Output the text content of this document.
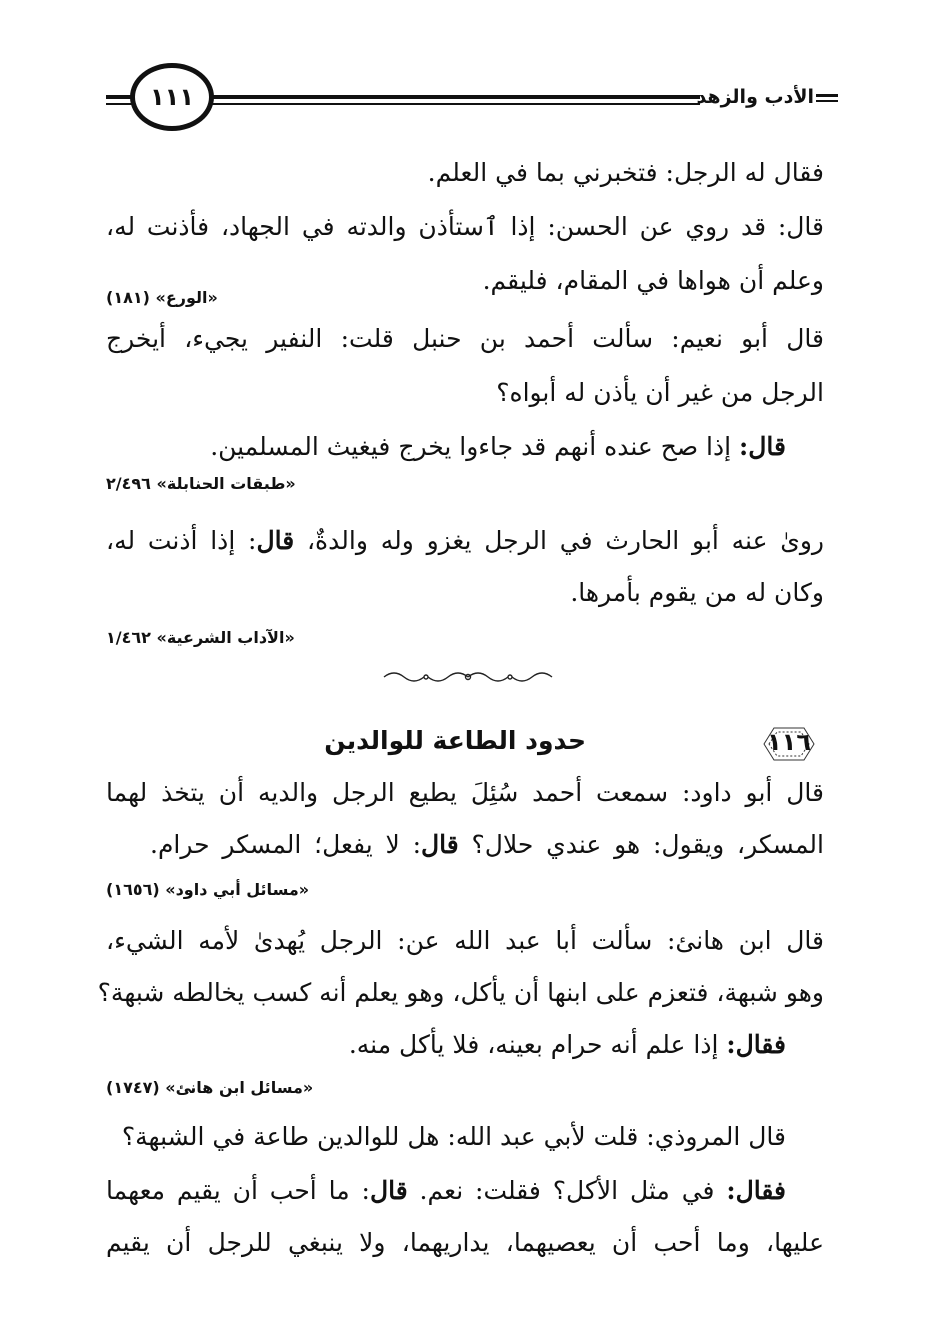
الأدب والزهد
١١١
فقال له الرجل: فتخبرني بما في العلم.
قال: قد روي عن الحسن: إذا ٱستأذن والدته في الجهاد، فأذنت له،
وعلم أن هواها في المقام، فليقم.
«الورع» (١٨١)
قال أبو نعيم: سألت أحمد بن حنبل قلت: النفير يجيء، أيخرج
الرجل من غير أن يأذن له أبواه؟
قال: إذا صح عنده أنهم قد جاءوا يخرج فيغيث المسلمين.
«طبقات الحنابلة» ٢/٤٩٦
روىٰ عنه أبو الحارث في الرجل يغزو وله والدةٌ، قال: إذا أذنت له،
وكان له من يقوم بأمرها.
«الآداب الشرعية» ١/٤٦٢
١١٦
حدود الطاعة للوالدين
قال أبو داود: سمعت أحمد سُئِلَ يطيع الرجل والديه أن يتخذ لهما
المسكر، ويقول: هو عندي حلال؟ قال: لا يفعل؛ المسكر حرام.
«مسائل أبي داود» (١٦٥٦)
قال ابن هانئ: سألت أبا عبد الله عن: الرجل يُهدىٰ لأمه الشيء،
وهو شبهة، فتعزم على ابنها أن يأكل، وهو يعلم أنه كسب يخالطه شبهة؟
فقال: إذا علم أنه حرام بعينه، فلا يأكل منه.
«مسائل ابن هانئ» (١٧٤٧)
قال المروذي: قلت لأبي عبد الله: هل للوالدين طاعة في الشبهة؟
فقال: في مثل الأكل؟ فقلت: نعم. قال: ما أحب أن يقيم معهما
عليها، وما أحب أن يعصيهما، يداريهما، ولا ينبغي للرجل أن يقيم
